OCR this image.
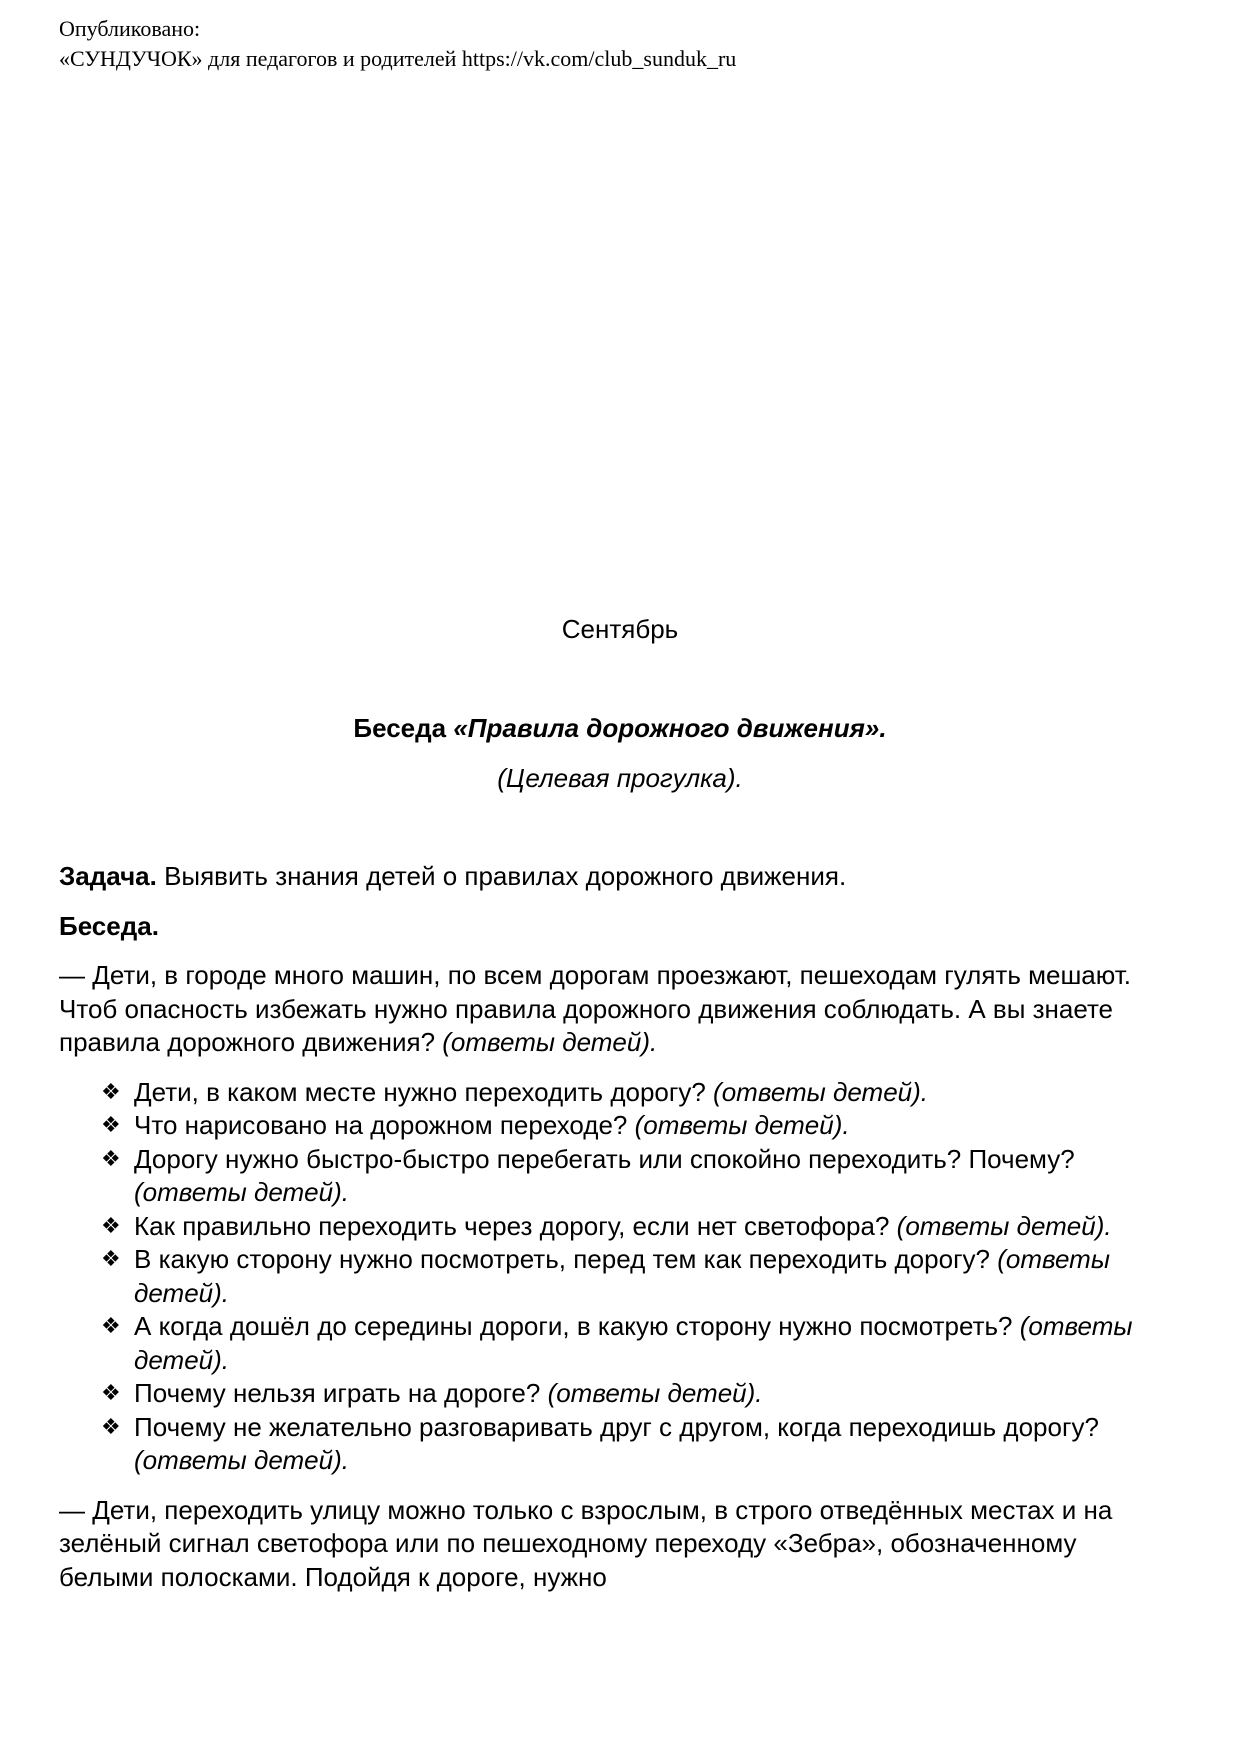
Опубликовано:
«СУНДУЧОК» для педагогов и родителей https://vk.com/club_sunduk_ru
Сентябрь
Беседа «Правила дорожного движения».
(Целевая прогулка).

Задача. Выявить знания детей о правилах дорожного движения.

Беседа.

— Дети, в городе много машин, по всем дорогам проезжают, пешеходам гулять мешают. Чтоб опасность избежать нужно правила дорожного движения соблюдать. А вы знаете правила дорожного движения? (ответы детей).

❖ Дети, в каком месте нужно переходить дорогу? (ответы детей).
❖ Что нарисовано на дорожном переходе? (ответы детей).
❖ Дорогу нужно быстро-быстро перебегать или спокойно переходить? Почему? (ответы детей).
❖ Как правильно переходить через дорогу, если нет светофора? (ответы детей).
❖ В какую сторону нужно посмотреть, перед тем как переходить дорогу? (ответы детей).
❖ А когда дошёл до середины дороги, в какую сторону нужно посмотреть? (ответы детей).
❖ Почему нельзя играть на дороге? (ответы детей).
❖ Почему не желательно разговаривать друг с другом, когда переходишь дорогу? (ответы детей).

— Дети, переходить улицу можно только с взрослым, в строго отведённых местах и на зелёный сигнал светофора или по пешеходному переходу «Зебра», обозначенному белыми полосками. Подойдя к дороге, нужно
